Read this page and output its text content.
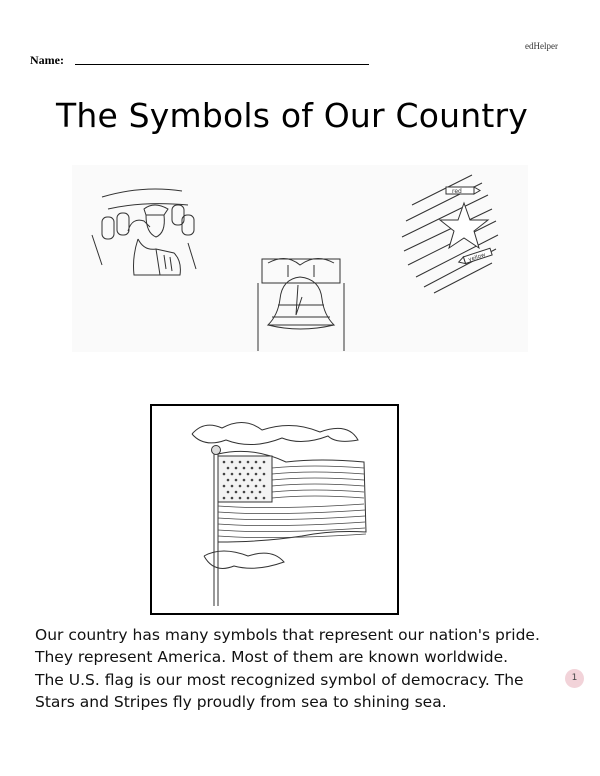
edHelper
Name:
The Symbols of Our Country
red
yellow
Our country has many symbols that represent our nation's pride.
They represent America. Most of them are known worldwide.
The U.S. flag is our most recognized symbol of democracy. The
Stars and Stripes fly proudly from sea to shining sea.
1
